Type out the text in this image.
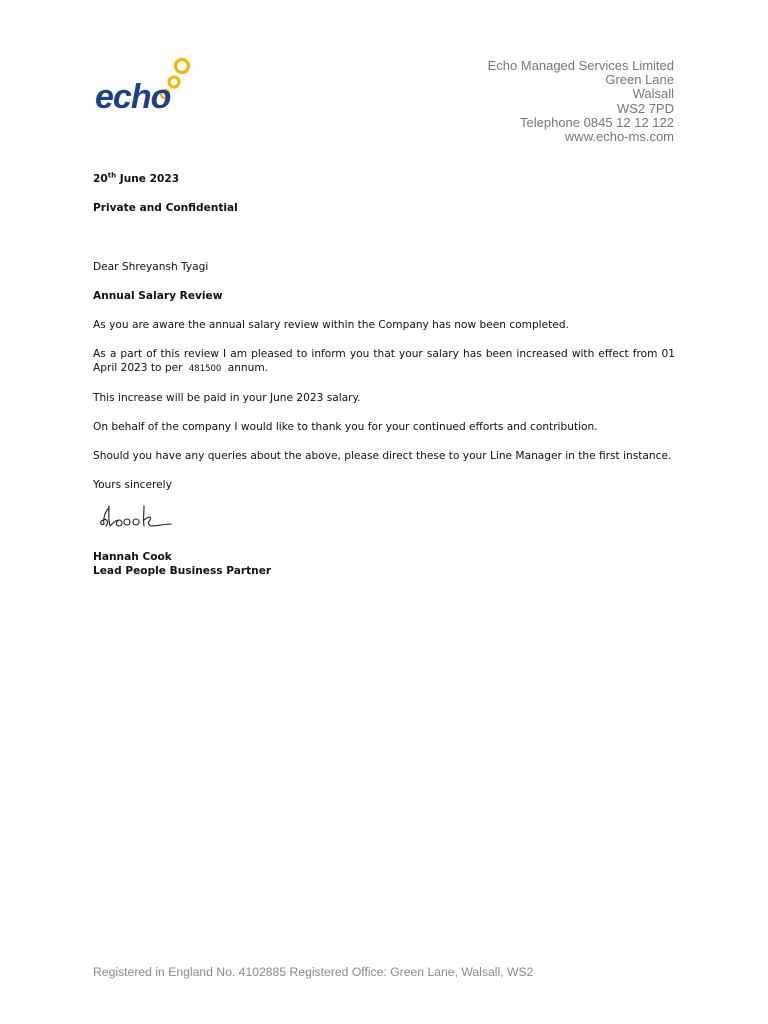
echo
Echo Managed Services Limited
Green Lane
Walsall
WS2 7PD
Telephone 0845 12 12 122
www.echo-ms.com

20th June 2023

Private and Confidential

Dear Shreyansh Tyagi

Annual Salary Review

As you are aware the annual salary review within the Company has now been completed.

As a part of this review I am pleased to inform you that your salary has been increased with effect from 01 April 2023 to per 481500 annum.

This increase will be paid in your June 2023 salary.

On behalf of the company I would like to thank you for your continued efforts and contribution.

Should you have any queries about the above, please direct these to your Line Manager in the first instance.

Yours sincerely

Hannah Cook

Lead People Business Partner

Registered in England No. 4102885 Registered Office: Green Lane, Walsall, WS2
